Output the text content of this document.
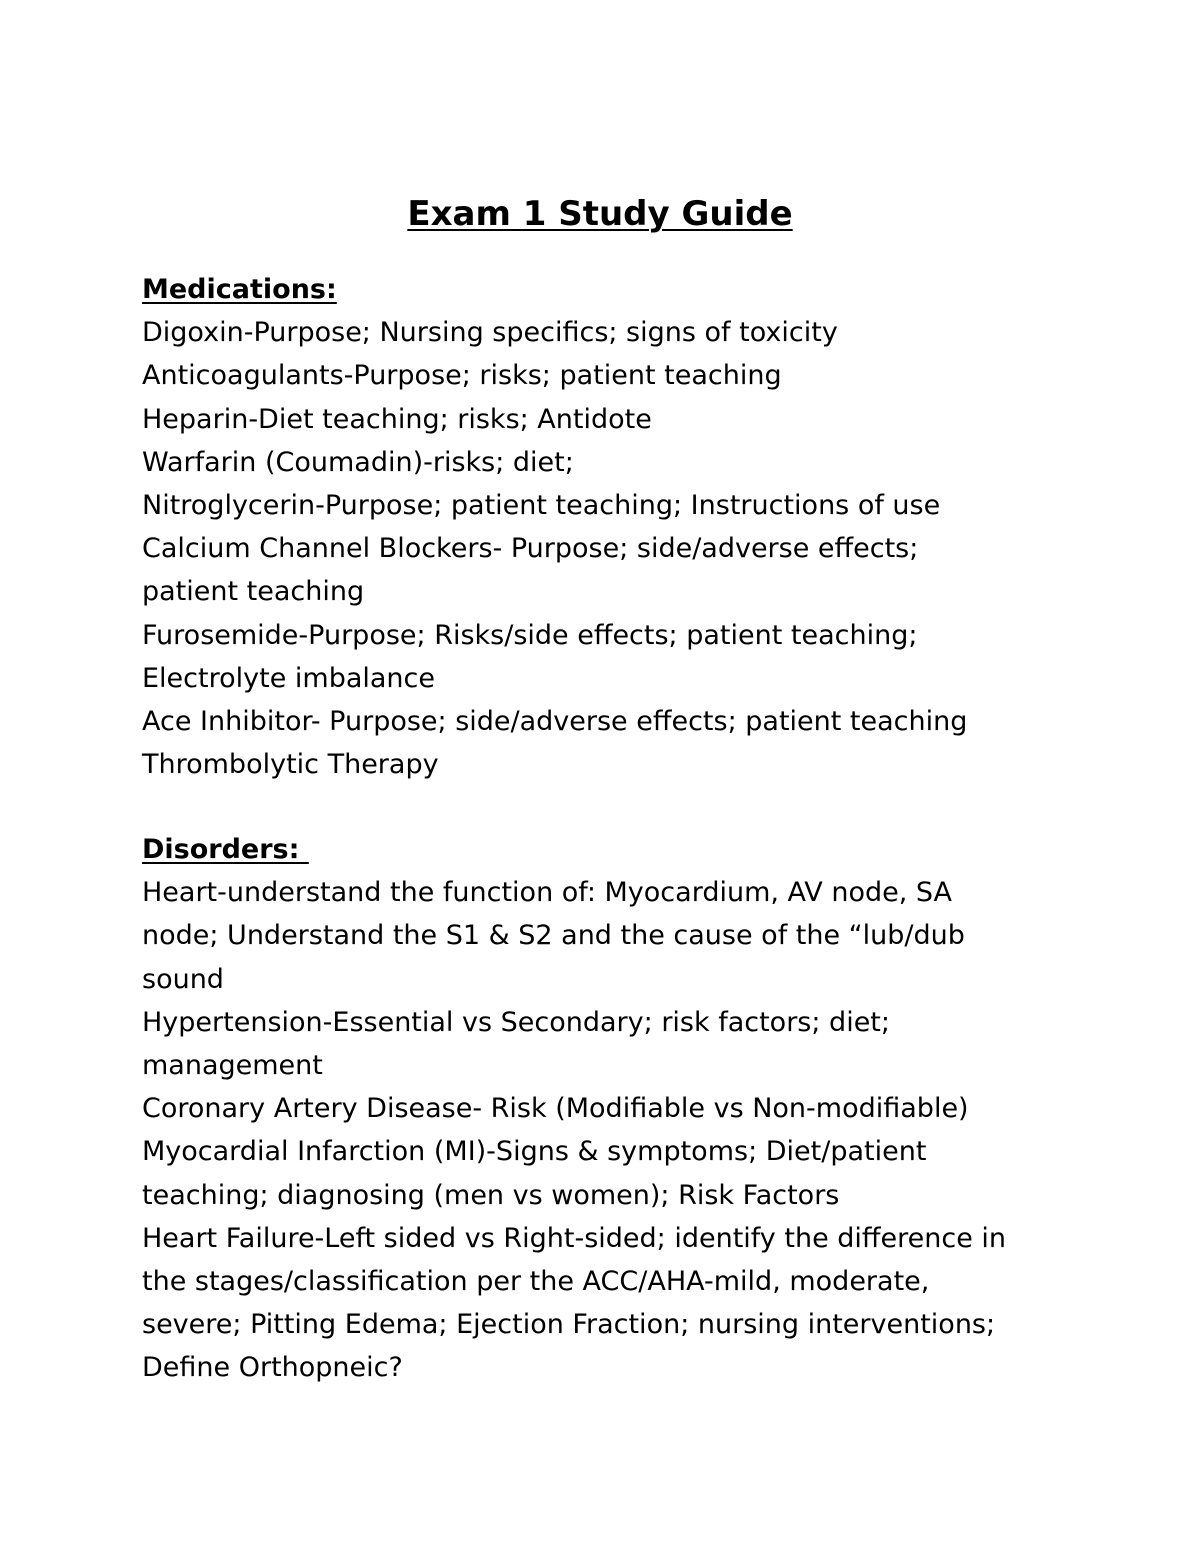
Exam 1 Study Guide
Medications:
Digoxin-Purpose; Nursing specifics; signs of toxicity
Anticoagulants-Purpose; risks; patient teaching
Heparin-Diet teaching; risks; Antidote
Warfarin (Coumadin)-risks; diet;
Nitroglycerin-Purpose; patient teaching; Instructions of use
Calcium Channel Blockers- Purpose; side/adverse effects;
patient teaching
Furosemide-Purpose; Risks/side effects; patient teaching;
Electrolyte imbalance
Ace Inhibitor- Purpose; side/adverse effects; patient teaching
Thrombolytic Therapy
Disorders:
Heart-understand the function of: Myocardium, AV node, SA
node; Understand the S1 & S2 and the cause of the “lub/dub
sound
Hypertension-Essential vs Secondary; risk factors; diet;
management
Coronary Artery Disease- Risk (Modifiable vs Non-modifiable)
Myocardial Infarction (MI)-Signs & symptoms; Diet/patient
teaching; diagnosing (men vs women); Risk Factors
Heart Failure-Left sided vs Right-sided; identify the difference in
the stages/classification per the ACC/AHA-mild, moderate,
severe; Pitting Edema; Ejection Fraction; nursing interventions;
Define Orthopneic?
